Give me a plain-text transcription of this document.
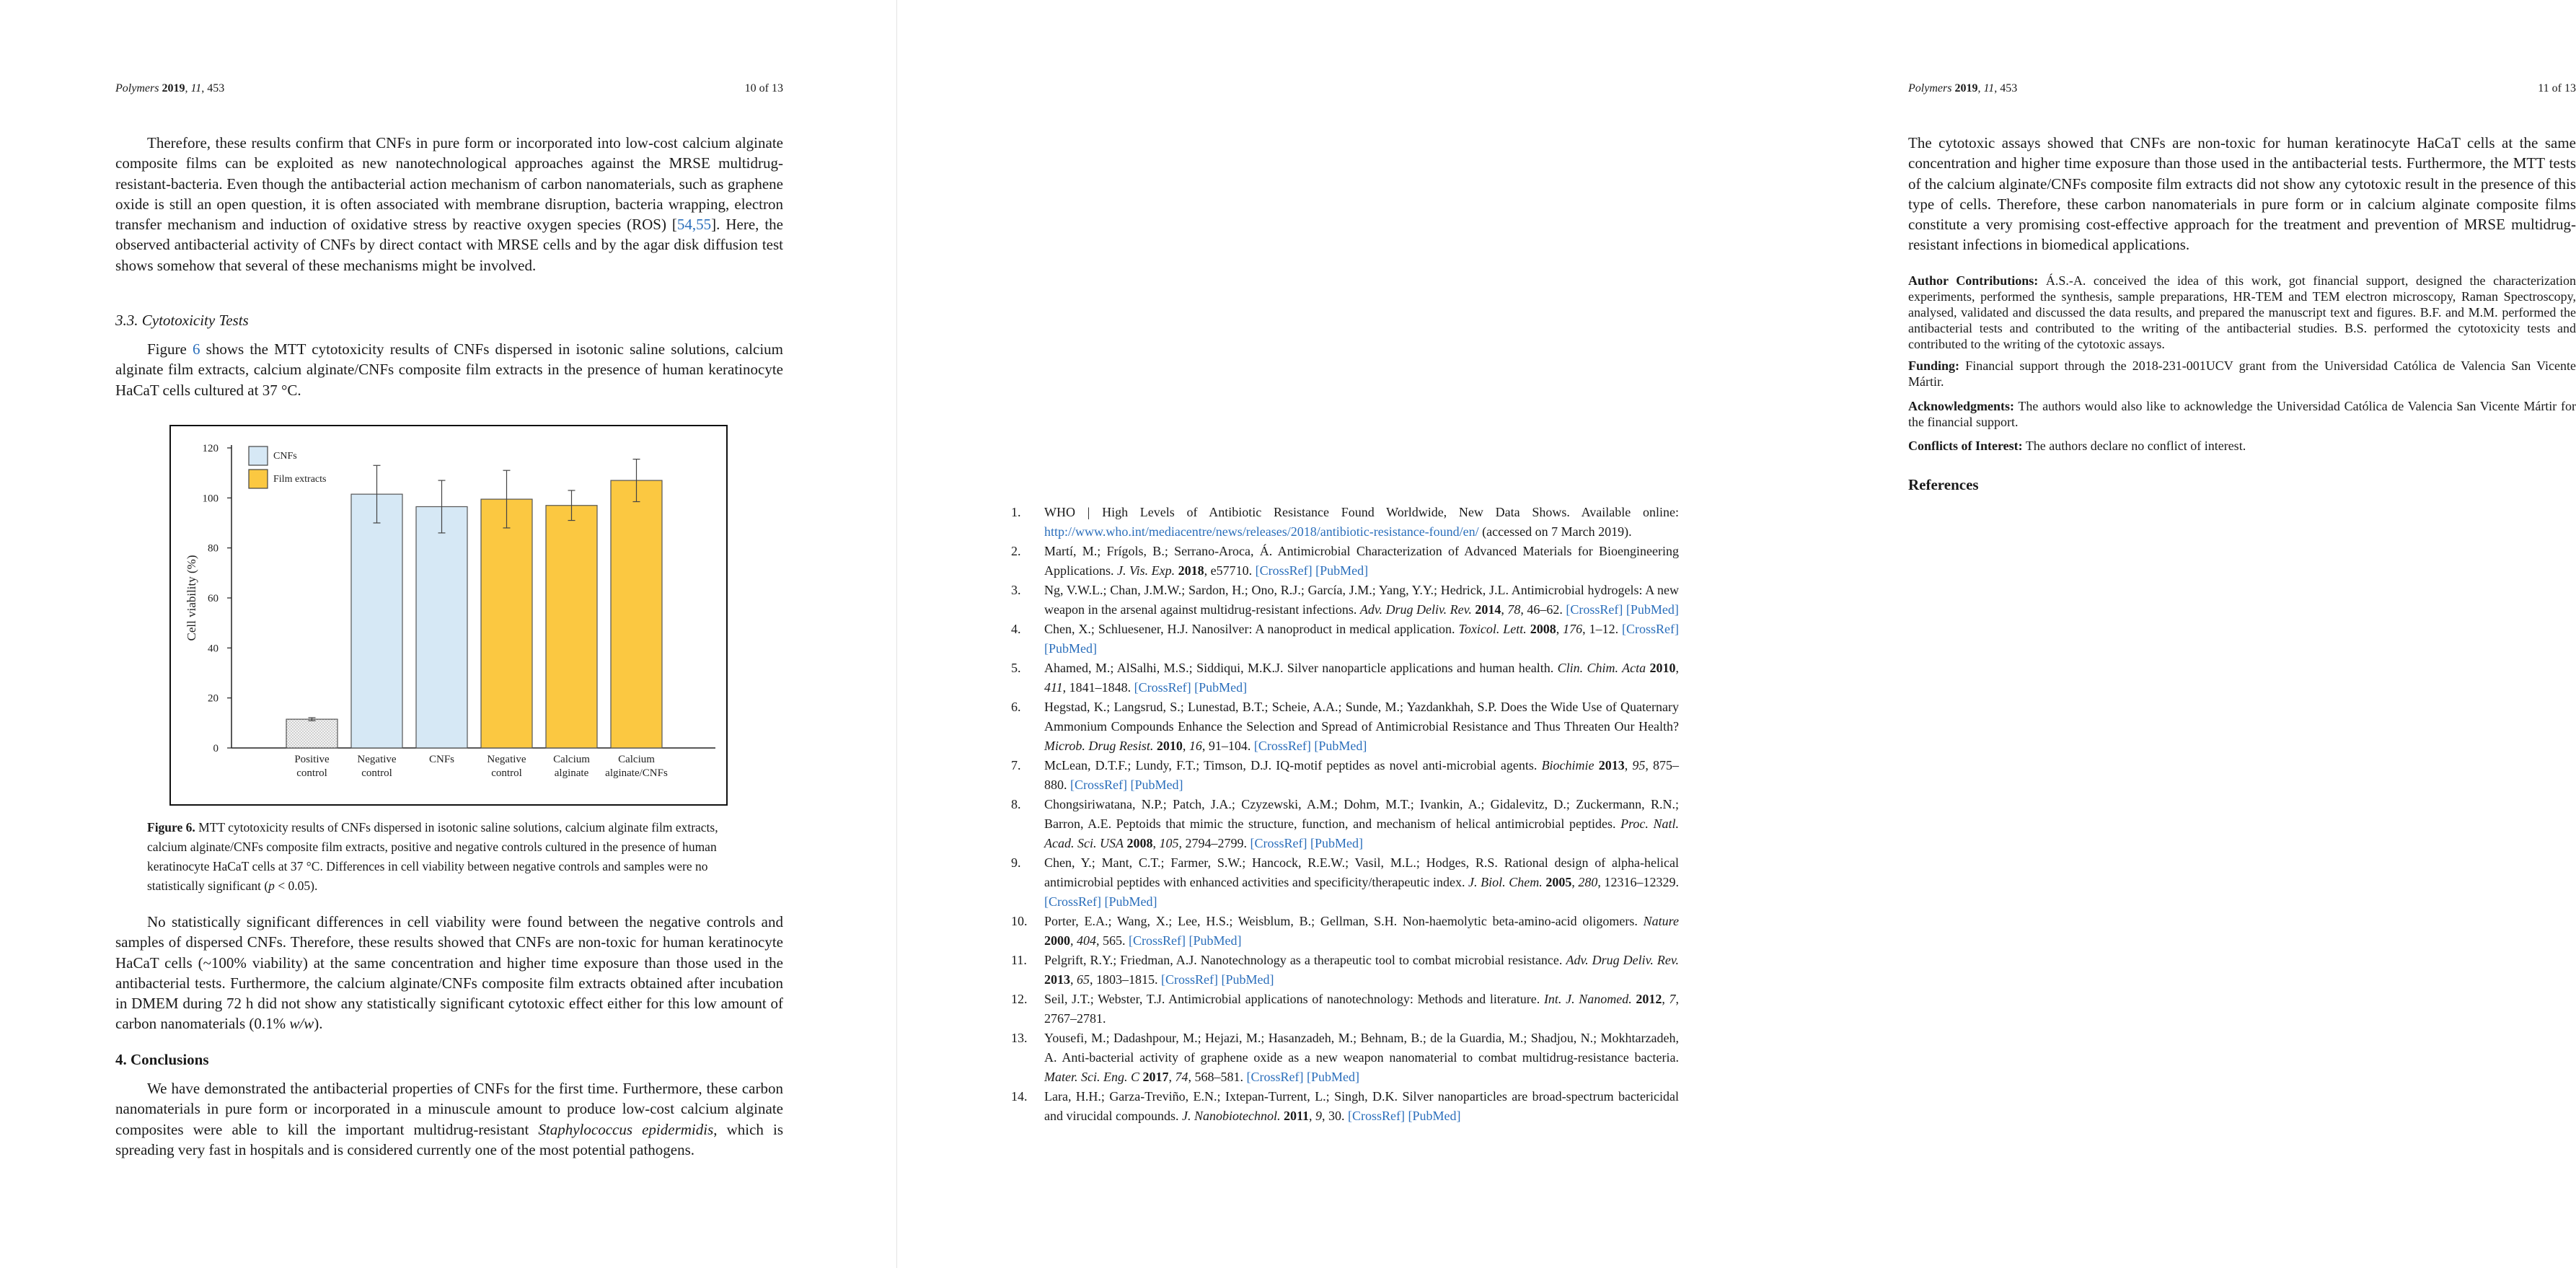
Polymers 2019, 11, 453	10 of 13

Therefore, these results confirm that CNFs in pure form or incorporated into low-cost calcium alginate composite films can be exploited as new nanotechnological approaches against the MRSE multidrug-resistant-bacteria. Even though the antibacterial action mechanism of carbon nanomaterials, such as graphene oxide is still an open question, it is often associated with membrane disruption, bacteria wrapping, electron transfer mechanism and induction of oxidative stress by reactive oxygen species (ROS) [54,55]. Here, the observed antibacterial activity of CNFs by direct contact with MRSE cells and by the agar disk diffusion test shows somehow that several of these mechanisms might be involved.

3.3. Cytotoxicity Tests

Figure 6 shows the MTT cytotoxicity results of CNFs dispersed in isotonic saline solutions, calcium alginate film extracts, calcium alginate/CNFs composite film extracts in the presence of human keratinocyte HaCaT cells cultured at 37 °C.

0
20
40
60
80
100
120
Cell viability (%)
Positive
control
Negative
control
CNFs	Negative
control
Calcium
alginate
Calcium
alginate/CNFs
CNFs
Film extracts
Figure 6. MTT cytotoxicity results of CNFs dispersed in isotonic saline solutions, calcium alginate film extracts, calcium alginate/CNFs composite film extracts, positive and negative controls cultured in the presence of human keratinocyte HaCaT cells at 37 °C. Differences in cell viability between negative controls and samples were no statistically significant (p < 0.05).

No statistically significant differences in cell viability were found between the negative controls and samples of dispersed CNFs. Therefore, these results showed that CNFs are non-toxic for human keratinocyte HaCaT cells (~100% viability) at the same concentration and higher time exposure than those used in the antibacterial tests. Furthermore, the calcium alginate/CNFs composite film extracts obtained after incubation in DMEM during 72 h did not show any statistically significant cytotoxic effect either for this low amount of carbon nanomaterials (0.1% w/w).

4. Conclusions

We have demonstrated the antibacterial properties of CNFs for the first time. Furthermore, these carbon nanomaterials in pure form or incorporated in a minuscule amount to produce low-cost calcium alginate composites were able to kill the important multidrug-resistant Staphylococcus epidermidis, which is spreading very fast in hospitals and is considered currently one of the most potential pathogens.

Polymers 2019, 11, 453	11 of 13

The cytotoxic assays showed that CNFs are non-toxic for human keratinocyte HaCaT cells at the same concentration and higher time exposure than those used in the antibacterial tests. Furthermore, the MTT tests of the calcium alginate/CNFs composite film extracts did not show any cytotoxic result in the presence of this type of cells. Therefore, these carbon nanomaterials in pure form or in calcium alginate composite films constitute a very promising cost-effective approach for the treatment and prevention of MRSE multidrug-resistant infections in biomedical applications.

Author Contributions: Á.S.-A. conceived the idea of this work, got financial support, designed the characterization experiments, performed the synthesis, sample preparations, HR-TEM and TEM electron microscopy, Raman Spectroscopy, analysed, validated and discussed the data results, and prepared the manuscript text and figures. B.F. and M.M. performed the antibacterial tests and contributed to the writing of the antibacterial studies. B.S. performed the cytotoxicity tests and contributed to the writing of the cytotoxic assays.
Funding: Financial support through the 2018-231-001UCV grant from the Universidad Católica de Valencia San Vicente Mártir.
Acknowledgments: The authors would also like to acknowledge the Universidad Católica de Valencia San Vicente Mártir for the financial support.
Conflicts of Interest: The authors declare no conflict of interest.
References
1.	WHO | High Levels of Antibiotic Resistance Found Worldwide, New Data Shows. Available online: http://www.who.int/mediacentre/news/releases/2018/antibiotic-resistance-found/en/ (accessed on 7 March 2019).
2.	Martí, M.; Frígols, B.; Serrano-Aroca, Á. Antimicrobial Characterization of Advanced Materials for Bioengineering Applications. J. Vis. Exp. 2018, e57710. [CrossRef] [PubMed]
3.	Ng, V.W.L.; Chan, J.M.W.; Sardon, H.; Ono, R.J.; García, J.M.; Yang, Y.Y.; Hedrick, J.L. Antimicrobial hydrogels: A new weapon in the arsenal against multidrug-resistant infections. Adv. Drug Deliv. Rev. 2014, 78, 46–62. [CrossRef] [PubMed]
4.	Chen, X.; Schluesener, H.J. Nanosilver: A nanoproduct in medical application. Toxicol. Lett. 2008, 176, 1–12. [CrossRef] [PubMed]
5.	Ahamed, M.; AlSalhi, M.S.; Siddiqui, M.K.J. Silver nanoparticle applications and human health. Clin. Chim. Acta 2010, 411, 1841–1848. [CrossRef] [PubMed]
6.	Hegstad, K.; Langsrud, S.; Lunestad, B.T.; Scheie, A.A.; Sunde, M.; Yazdankhah, S.P. Does the Wide Use of Quaternary Ammonium Compounds Enhance the Selection and Spread of Antimicrobial Resistance and Thus Threaten Our Health? Microb. Drug Resist. 2010, 16, 91–104. [CrossRef] [PubMed]
7.	McLean, D.T.F.; Lundy, F.T.; Timson, D.J. IQ-motif peptides as novel anti-microbial agents. Biochimie 2013, 95, 875–880. [CrossRef] [PubMed]
8.	Chongsiriwatana, N.P.; Patch, J.A.; Czyzewski, A.M.; Dohm, M.T.; Ivankin, A.; Gidalevitz, D.; Zuckermann, R.N.; Barron, A.E. Peptoids that mimic the structure, function, and mechanism of helical antimicrobial peptides. Proc. Natl. Acad. Sci. USA 2008, 105, 2794–2799. [CrossRef] [PubMed]
9.	Chen, Y.; Mant, C.T.; Farmer, S.W.; Hancock, R.E.W.; Vasil, M.L.; Hodges, R.S. Rational design of alpha-helical antimicrobial peptides with enhanced activities and specificity/therapeutic index. J. Biol. Chem. 2005, 280, 12316–12329. [CrossRef] [PubMed]
10.	Porter, E.A.; Wang, X.; Lee, H.S.; Weisblum, B.; Gellman, S.H. Non-haemolytic beta-amino-acid oligomers. Nature 2000, 404, 565. [CrossRef] [PubMed]
11.	Pelgrift, R.Y.; Friedman, A.J. Nanotechnology as a therapeutic tool to combat microbial resistance. Adv. Drug Deliv. Rev. 2013, 65, 1803–1815. [CrossRef] [PubMed]
12.	Seil, J.T.; Webster, T.J. Antimicrobial applications of nanotechnology: Methods and literature. Int. J. Nanomed. 2012, 7, 2767–2781.
13.	Yousefi, M.; Dadashpour, M.; Hejazi, M.; Hasanzadeh, M.; Behnam, B.; de la Guardia, M.; Shadjou, N.; Mokhtarzadeh, A. Anti-bacterial activity of graphene oxide as a new weapon nanomaterial to combat multidrug-resistance bacteria. Mater. Sci. Eng. C 2017, 74, 568–581. [CrossRef] [PubMed]
14.	Lara, H.H.; Garza-Treviño, E.N.; Ixtepan-Turrent, L.; Singh, D.K. Silver nanoparticles are broad-spectrum bactericidal and virucidal compounds. J. Nanobiotechnol. 2011, 9, 30. [CrossRef] [PubMed]
